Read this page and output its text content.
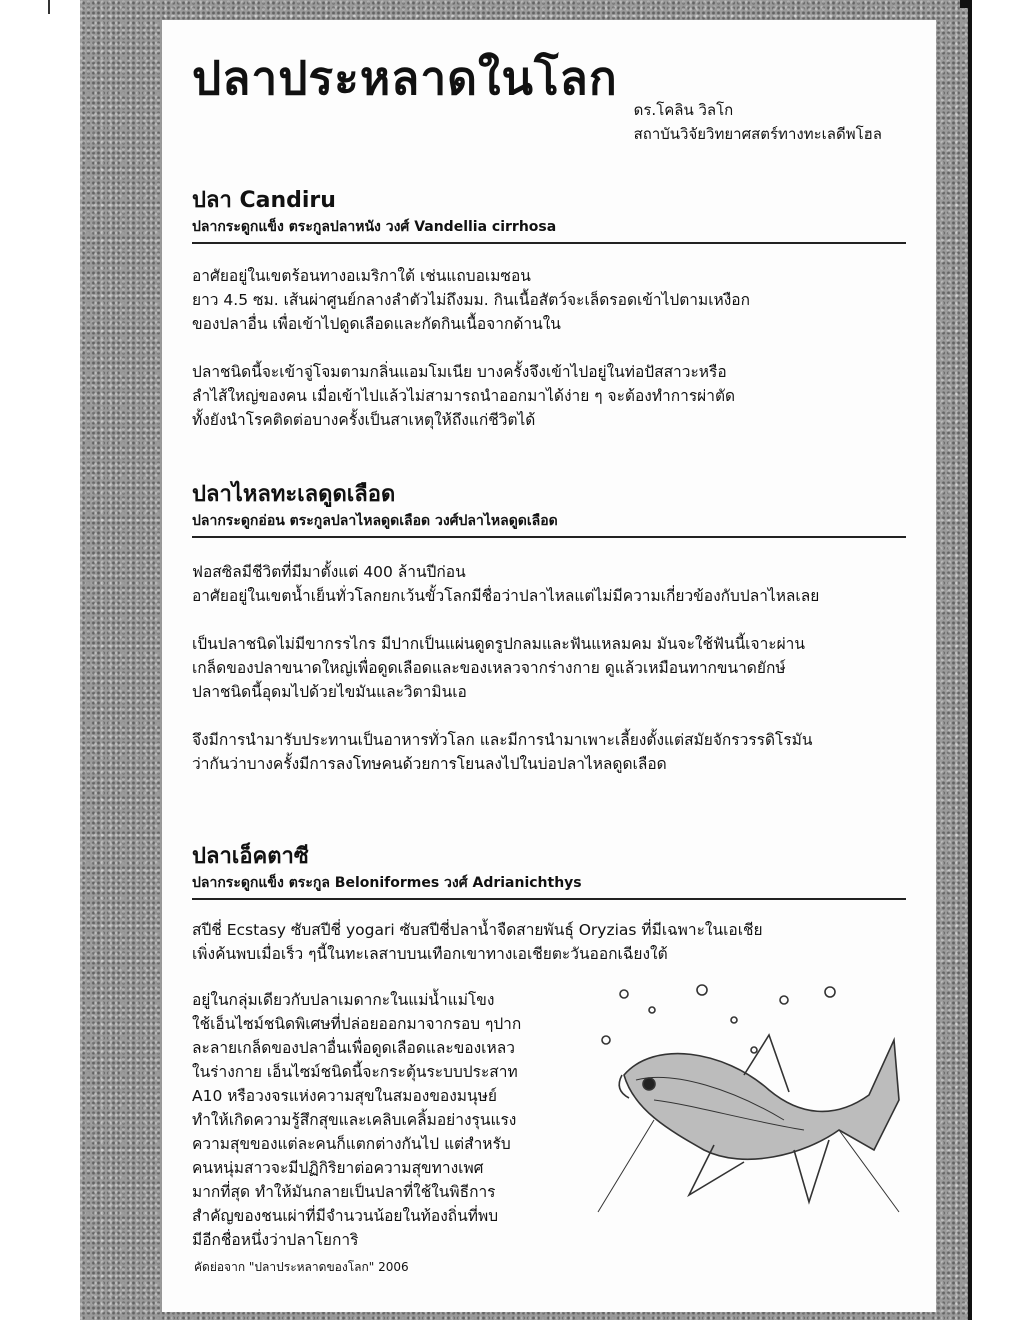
ปลาประหลาดในโลก
ดร.โคลิน วิลโก
สถาบันวิจัยวิทยาศสตร์ทางทะเลดีพโฮล
ปลา Candiru
ปลากระดูกแข็ง ตระกูลปลาหนัง วงศ์ Vandellia cirrhosa
อาศัยอยู่ในเขตร้อนทางอเมริกาใต้ เช่นแถบอเมซอน
ยาว 4.5 ซม. เส้นผ่าศูนย์กลางลำตัวไม่ถึงมม. กินเนื้อสัตว์จะเล็ดรอดเข้าไปตามเหงือก
ของปลาอื่น เพื่อเข้าไปดูดเลือดและกัดกินเนื้อจากด้านใน
ปลาชนิดนี้จะเข้าจู่โจมตามกลิ่นแอมโมเนีย บางครั้งจึงเข้าไปอยู่ในท่อปัสสาวะหรือ
ลำไส้ใหญ่ของคน เมื่อเข้าไปแล้วไม่สามารถนำออกมาได้ง่าย ๆ จะต้องทำการผ่าตัด
ทั้งยังนำโรคติดต่อบางครั้งเป็นสาเหตุให้ถึงแก่ชีวิตได้
ปลาไหลทะเลดูดเลือด
ปลากระดูกอ่อน ตระกูลปลาไหลดูดเลือด วงศ์ปลาไหลดูดเลือด
ฟอสซิลมีชีวิตที่มีมาตั้งแต่ 400 ล้านปีก่อน
อาศัยอยู่ในเขตน้ำเย็นทั่วโลกยกเว้นขั้วโลกมีชื่อว่าปลาไหลแต่ไม่มีความเกี่ยวข้องกับปลาไหลเลย
เป็นปลาชนิดไม่มีขากรรไกร มีปากเป็นแผ่นดูดรูปกลมและฟันแหลมคม มันจะใช้ฟันนี้เจาะผ่าน
เกล็ดของปลาขนาดใหญ่เพื่อดูดเลือดและของเหลวจากร่างกาย ดูแล้วเหมือนทากขนาดยักษ์
ปลาชนิดนี้อุดมไปด้วยไขมันและวิตามินเอ
จึงมีการนำมารับประทานเป็นอาหารทั่วโลก และมีการนำมาเพาะเลี้ยงตั้งแต่สมัยจักรวรรดิโรมัน
ว่ากันว่าบางครั้งมีการลงโทษคนด้วยการโยนลงไปในบ่อปลาไหลดูดเลือด
ปลาเอ็คตาซี
ปลากระดูกแข็ง ตระกูล Beloniformes วงศ์ Adrianichthys
สปีชี่ Ecstasy ซับสปีชี่ yogari ซับสปีชี่ปลาน้ำจืดสายพันธุ์ Oryzias ที่มีเฉพาะในเอเชีย
เพิ่งค้นพบเมื่อเร็ว ๆนี้ในทะเลสาบบนเทือกเขาทางเอเชียตะวันออกเฉียงใต้
อยู่ในกลุ่มเดียวกับปลาเมดากะในแม่น้ำแม่โขง
ใช้เอ็นไซม์ชนิดพิเศษที่ปล่อยออกมาจากรอบ ๆปาก
ละลายเกล็ดของปลาอื่นเพื่อดูดเลือดและของเหลว
ในร่างกาย เอ็นไซม์ชนิดนี้จะกระตุ้นระบบประสาท
A10 หรือวงจรแห่งความสุขในสมองของมนุษย์
ทำให้เกิดความรู้สึกสุขและเคลิบเคลิ้มอย่างรุนแรง
ความสุขของแต่ละคนก็แตกต่างกันไป แต่สำหรับ
คนหนุ่มสาวจะมีปฏิกิริยาต่อความสุขทางเพศ
มากที่สุด ทำให้มันกลายเป็นปลาที่ใช้ในพิธีการ
สำคัญของชนเผ่าที่มีจำนวนน้อยในท้องถิ่นที่พบ
มีอีกชื่อหนึ่งว่าปลาโยการิ
คัดย่อจาก "ปลาประหลาดของโลก" 2006
